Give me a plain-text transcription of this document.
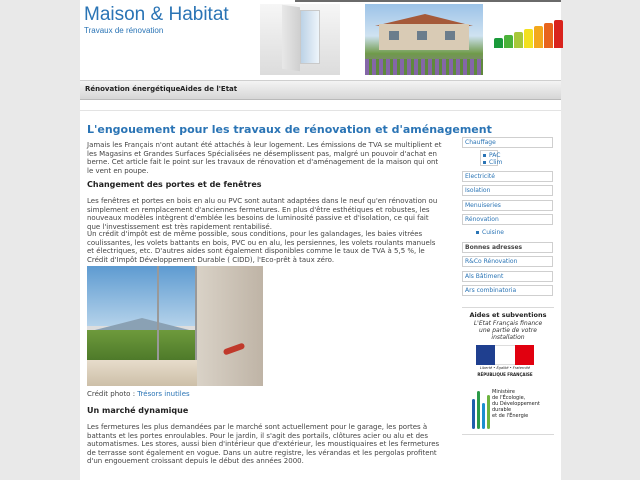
Maison & Habitat
Travaux de rénovation
Rénovation énergétique Aides de l'Etat
L'engouement pour les travaux de rénovation et d'aménagement
Jamais les Français n'ont autant été attachés à leur logement. Les émissions de TVA se multiplient et les Magasins et Grandes Surfaces Spécialisées ne désemplissent pas, malgré un pouvoir d'achat en berne. Cet article fait le point sur les travaux de rénovation et d'aménagement de la maison qui ont le vent en poupe.
Changement des portes et de fenêtres
Les fenêtres et portes en bois en alu ou PVC sont autant adaptées dans le neuf qu'en rénovation ou simplement en remplacement d'anciennes fermetures. En plus d'être esthétiques et robustes, les nouveaux modèles intègrent d'emblée les besoins de luminosité passive et d'isolation, ce qui fait que l'investissement est très rapidement rentabilisé.
Un crédit d'impôt est de même possible, sous conditions, pour les galandages, les baies vitrées coulissantes, les volets battants en bois, PVC ou en alu, les persiennes, les volets roulants manuels et électriques, etc. D'autres aides sont également disponibles comme le taux de TVA à 5,5 %, le Crédit d'Impôt Développement Durable ( CIDD), l'Eco-prêt à taux zéro.
Crédit photo : Trésors inutiles
Un marché dynamique
Les fermetures les plus demandées par le marché sont actuellement pour le garage, les portes à battants et les portes enroulables. Pour le jardin, il s'agit des portails, clôtures acier ou alu et des automatismes. Les stores, aussi bien d'intérieur que d'extérieur, les moustiquaires et les fermetures de terrasse sont également en vogue. Dans un autre registre, les vérandas et les pergolas profitent d'un engouement croissant depuis le début des années 2000.
Chauffage
PAC
Clim
Electricité
Isolation
Menuiseries
Rénovation
Cuisine
Bonnes adresses
R&Co Rénovation
Als Bâtiment
Ars combinatoria
Aides et subventions
L'Etat Français finance
une partie de votre
installation
Liberté • Égalité • Fraternité
RÉPUBLIQUE FRANÇAISE
Ministère
de l'Écologie,
du Développement
durable
et de l'Énergie
